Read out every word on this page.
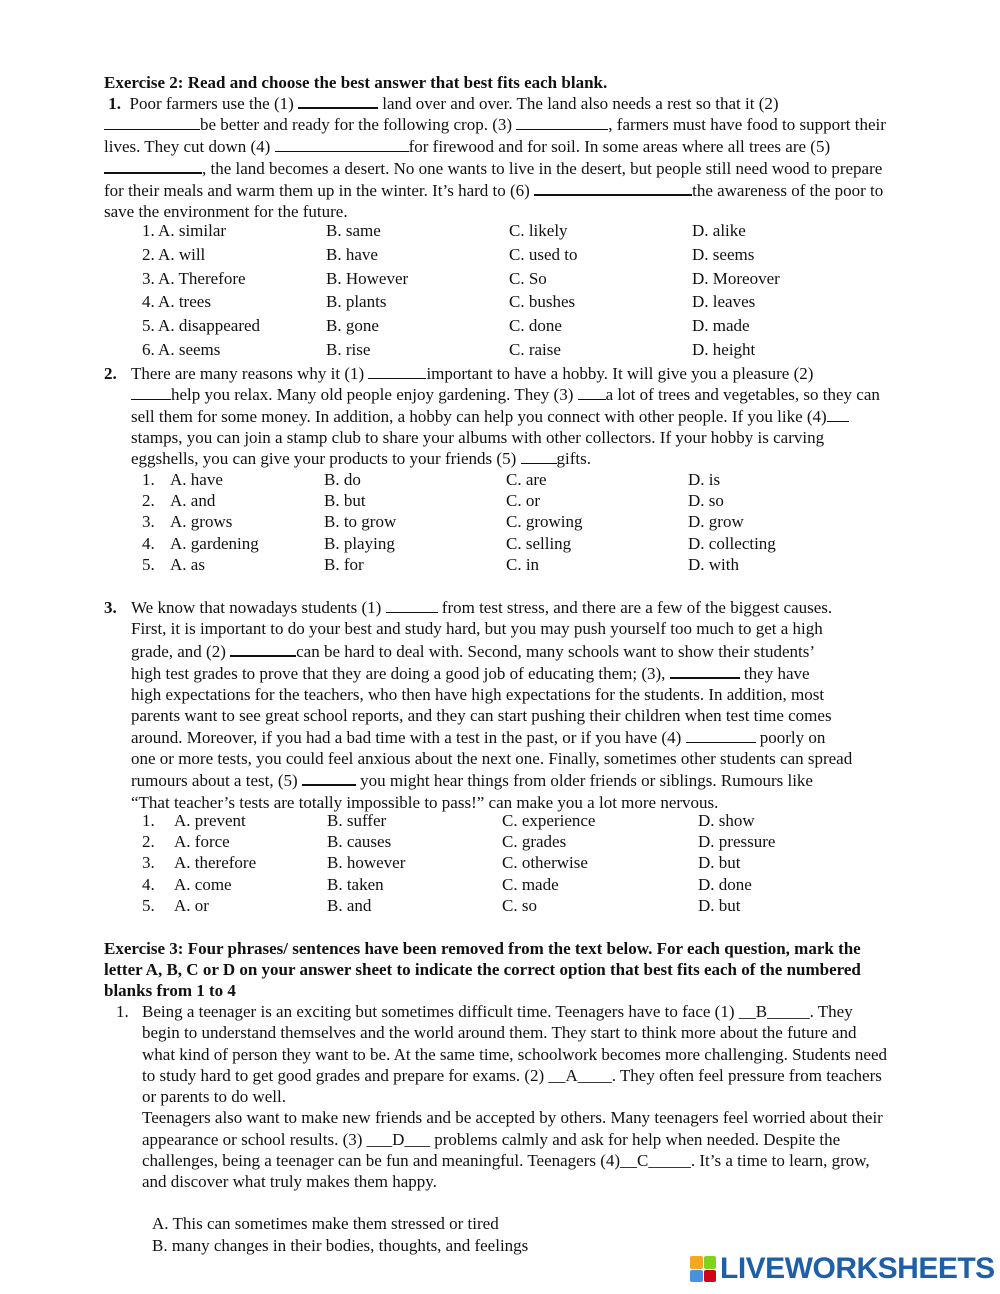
Exercise 2: Read and choose the best answer that best fits each blank.
1. Poor farmers use the (1)	land over and over. The land also needs a rest so that it (2)
be better and ready for the following crop. (3)	, farmers must have food to support their
lives. They cut down (4)	for firewood and for soil. In some areas where all trees are (5)
, the land becomes a desert. No one wants to live in the desert, but people still need wood to prepare
for their meals and warm them up in the winter. It’s hard to (6)	the awareness of the poor to
save the environment for the future.
1. A. similar	B. same	C. likely	D. alike
2. A. will	B. have	C. used to	D. seems
3. A. Therefore	B. However	C. So	D. Moreover
4. A. trees	B. plants	C. bushes	D. leaves
5. A. disappeared	B. gone	C. done	D. made
6. A. seems	B. rise	C. raise	D. height
2. There are many reasons why it (1)	important to have a hobby. It will give you a pleasure (2)
help you relax. Many old people enjoy gardening. They (3) a lot of trees and vegetables, so they can
sell them for some money. In addition, a hobby can help you connect with other people. If you like (4)
stamps, you can join a stamp club to share your albums with other collectors. If your hobby is carving
eggshells, you can give your products to your friends (5) gifts.
1. A. have	B. do	C. are	D. is
2. A. and	B. but	C. or	D. so
3. A. grows	B. to grow	C. growing	D. grow
4. A. gardening	B. playing	C. selling	D. collecting
5. A. as	B. for	C. in	D. with
3. We know that nowadays students (1)	from test stress, and there are a few of the biggest causes.
First, it is important to do your best and study hard, but you may push yourself too much to get a high
grade, and (2)	can be hard to deal with. Second, many schools want to show their students’
high test grades to prove that they are doing a good job of educating them; (3),	they have
high expectations for the teachers, who then have high expectations for the students. In addition, most
parents want to see great school reports, and they can start pushing their children when test time comes
around. Moreover, if you had a bad time with a test in the past, or if you have (4)	poorly on
one or more tests, you could feel anxious about the next one. Finally, sometimes other students can spread
rumours about a test, (5)	you might hear things from older friends or siblings. Rumours like
“That teacher’s tests are totally impossible to pass!” can make you a lot more nervous.
1. A. prevent	B. suffer	C. experience	D. show
2. A. force	B. causes	C. grades	D. pressure
3. A. therefore	B. however	C. otherwise	D. but
4. A. come	B. taken	C. made	D. done
5. A. or	B. and	C. so	D. but
Exercise 3: Four phrases/ sentences have been removed from the text below. For each question, mark the
letter A, B, C or D on your answer sheet to indicate the correct option that best fits each of the numbered
blanks from 1 to 4
1. Being a teenager is an exciting but sometimes difficult time. Teenagers have to face (1) __B_____. They
begin to understand themselves and the world around them. They start to think more about the future and
what kind of person they want to be. At the same time, schoolwork becomes more challenging. Students need
to study hard to get good grades and prepare for exams. (2) __A____. They often feel pressure from teachers
or parents to do well.
Teenagers also want to make new friends and be accepted by others. Many teenagers feel worried about their
appearance or school results. (3) ___D___ problems calmly and ask for help when needed. Despite the
challenges, being a teenager can be fun and meaningful. Teenagers (4)__C_____. It’s a time to learn, grow,
and discover what truly makes them happy.
A. This can sometimes make them stressed or tired
B. many changes in their bodies, thoughts, and feelings
LIVEWORKSHEETS
